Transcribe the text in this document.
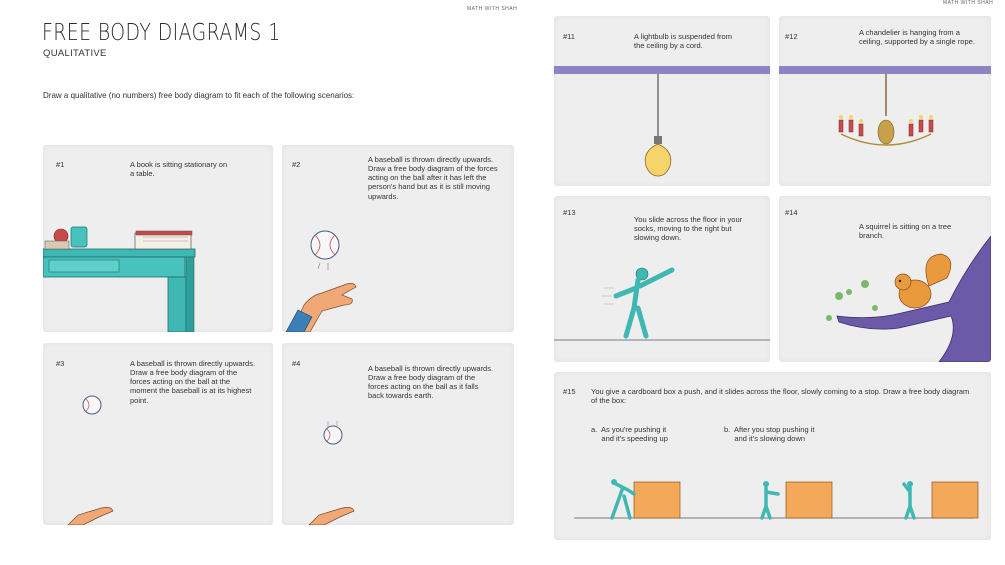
MATH WITH SHAH
FREE BODY DIAGRAMS 1
QUALITATIVE
Draw a qualitative (no numbers) free body diagram to fit each of the following scenarios:
#1	A book is sitting stationary on a table.
#2
A baseball is thrown directly upwards. Draw a free body diagram of the forces acting on the ball after it has left the person's hand but as it is still moving upwards.
#3	A baseball is thrown directly upwards. Draw a free body diagram of the forces acting on the ball at the moment the baseball is at its highest point.
#4
A baseball is thrown directly upwards. Draw a free body diagram of the forces acting on the ball as it falls back towards earth.
MATH WITH SHAH
#11	A lightbulb is suspended from the ceiling by a cord.
#12	A chandelier is hanging from a ceiling, supported by a single rope.
#13
You slide across the floor in your socks, moving to the right but slowing down.
#14
A squirrel is sitting on a tree branch.
#15 You give a cardboard box a push, and it slides across the floor, slowly coming to a stop. Draw a free body diagram of the box:
a.  As you're pushing it
and it's speeding up
b.  After you stop pushing it
and it's slowing down
